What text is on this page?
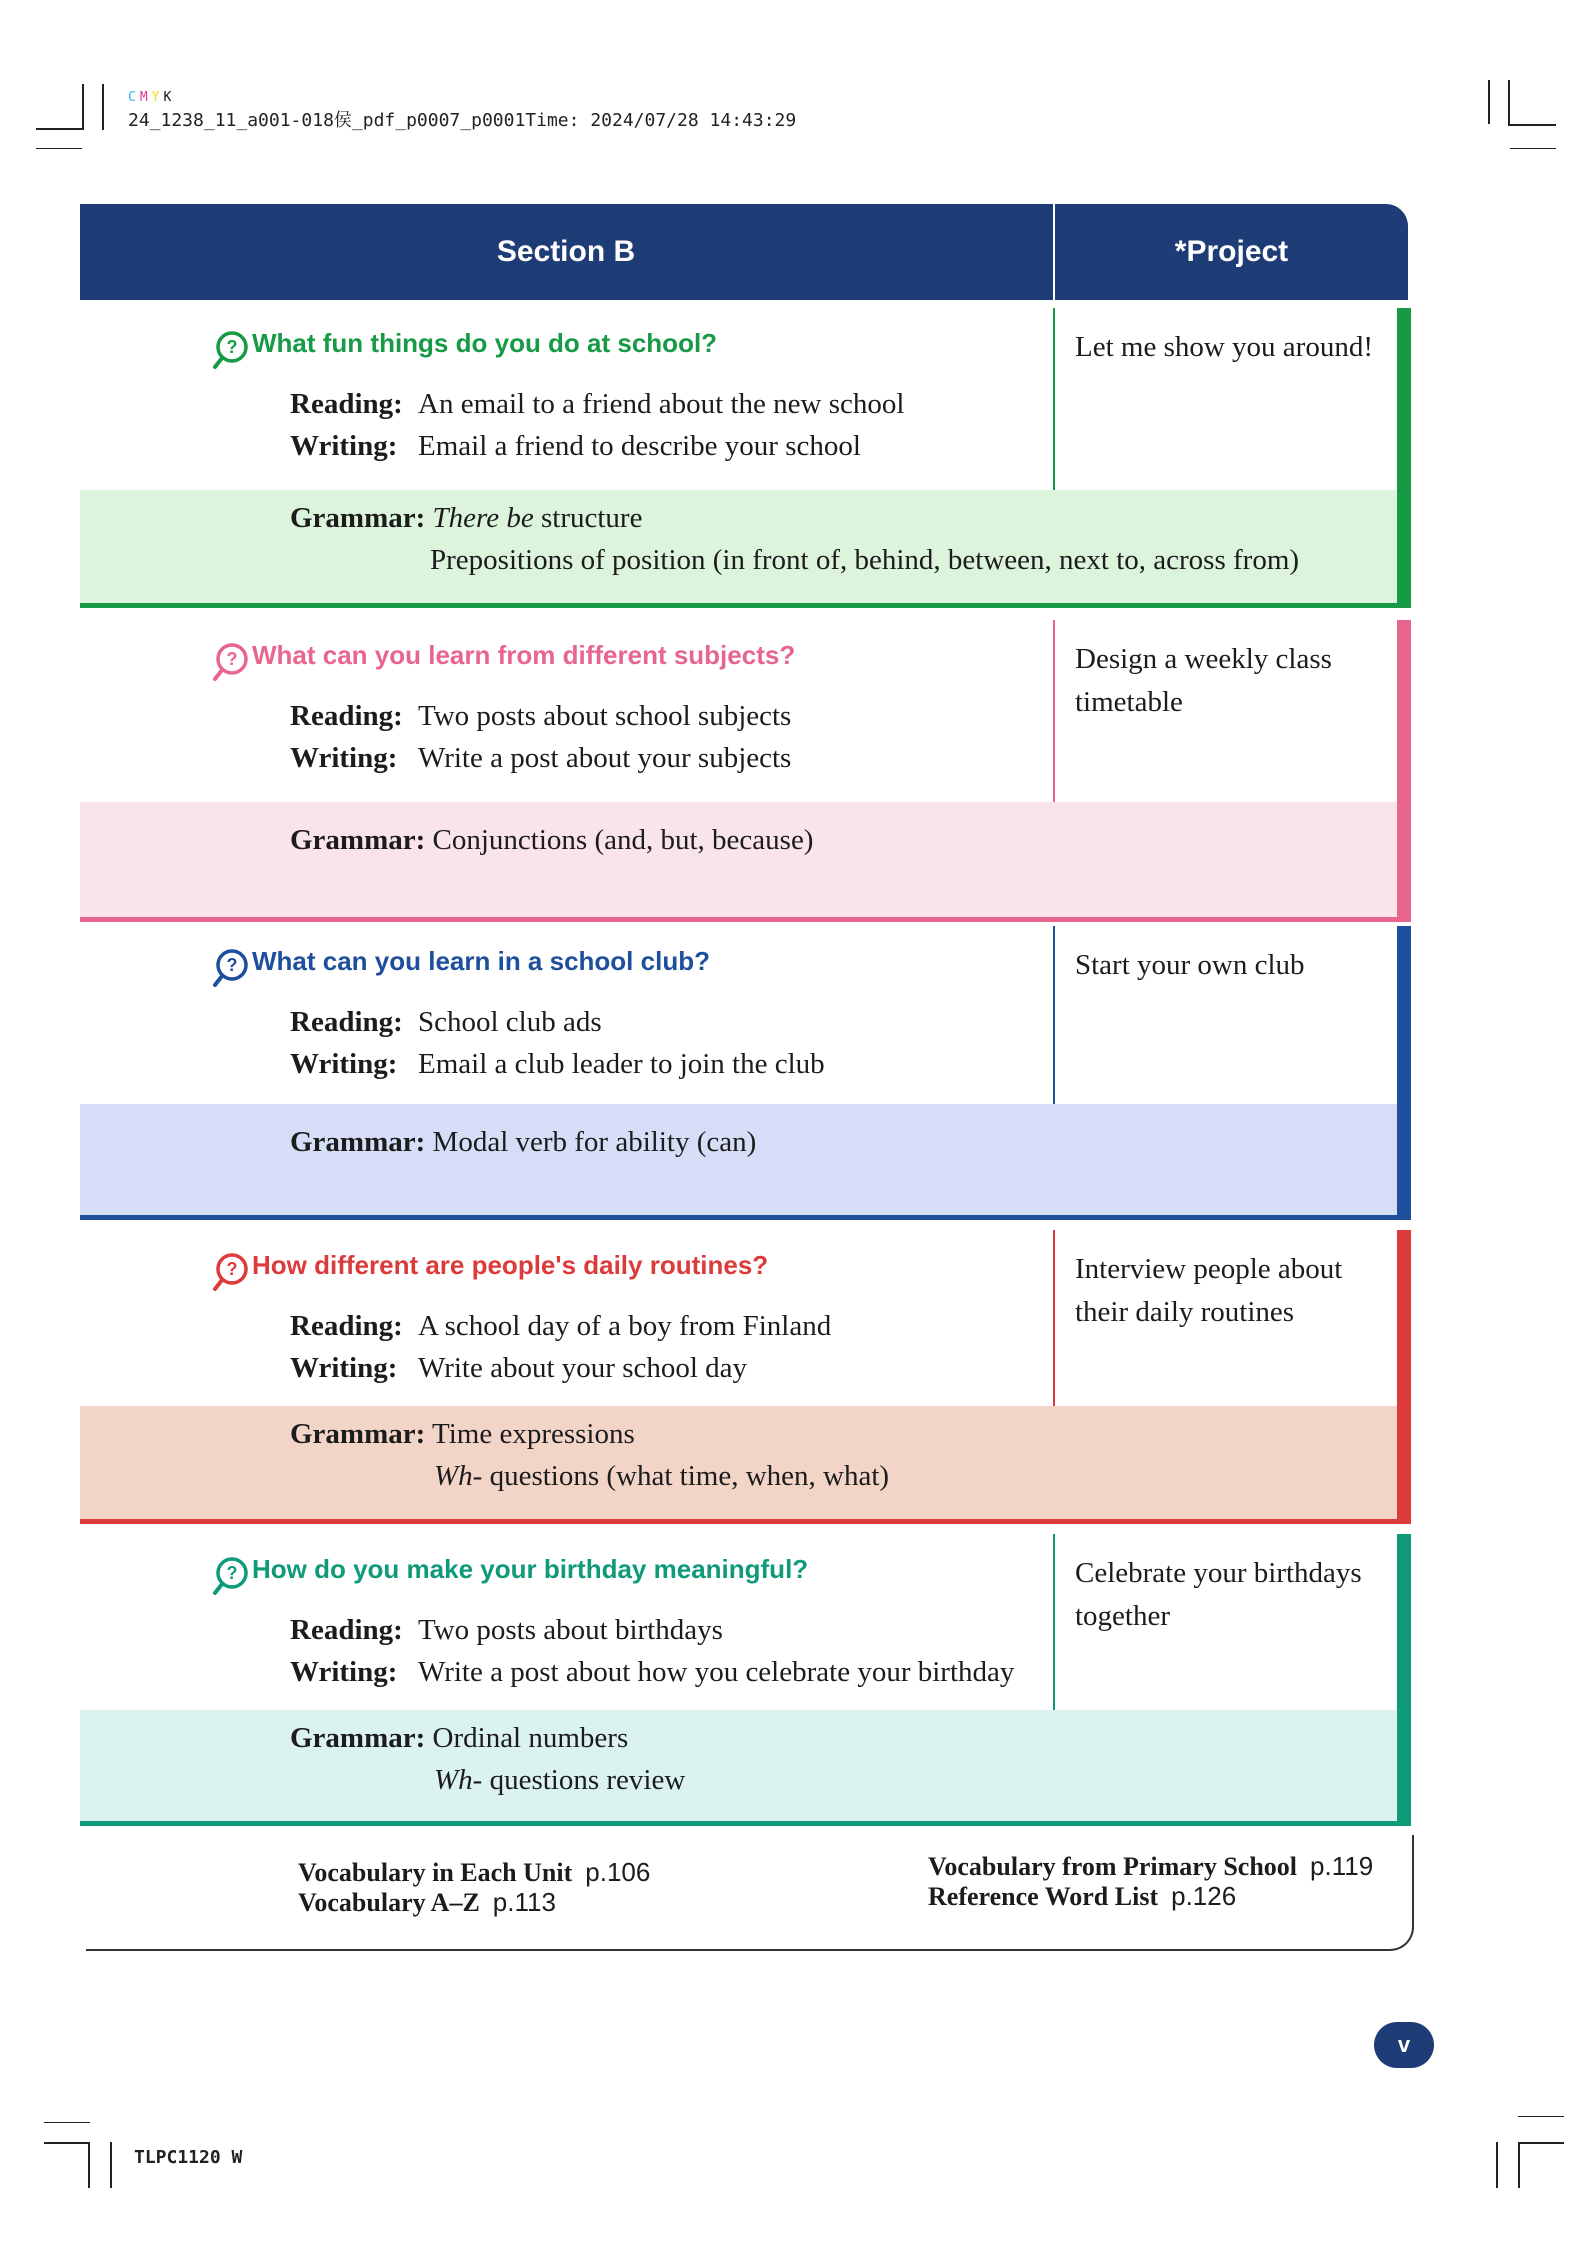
CMYK
24_1238_11_a001-018侯_pdf_p0007_p0001Time: 2024/07/28 14:43:29
TLPC1120 W
Section B	*Project
? What fun things do you do at school?
Reading: An email to a friend about the new school
Writing: Email a friend to describe your school
Grammar: There be structure
Prepositions of position (in front of, behind, between, next to, across from)
Let me show you around!
? What can you learn from different subjects?
Reading: Two posts about school subjects
Writing: Write a post about your subjects
Grammar: Conjunctions (and, but, because)
Design a weekly class timetable
? What can you learn in a school club?
Reading: School club ads
Writing: Email a club leader to join the club
Grammar: Modal verb for ability (can)
Start your own club
? How different are people's daily routines?
Reading: A school day of a boy from Finland
Writing: Write about your school day
Grammar: Time expressions
Wh- questions (what time, when, what)
Interview people about their daily routines
? How do you make your birthday meaningful?
Reading: Two posts about birthdays
Writing: Write a post about how you celebrate your birthday
Grammar: Ordinal numbers
Wh- questions review
Celebrate your birthdays together
Vocabulary in Each Unit p.106
Vocabulary A–Z p.113
Vocabulary from Primary School p.119
Reference Word List p.126
v
